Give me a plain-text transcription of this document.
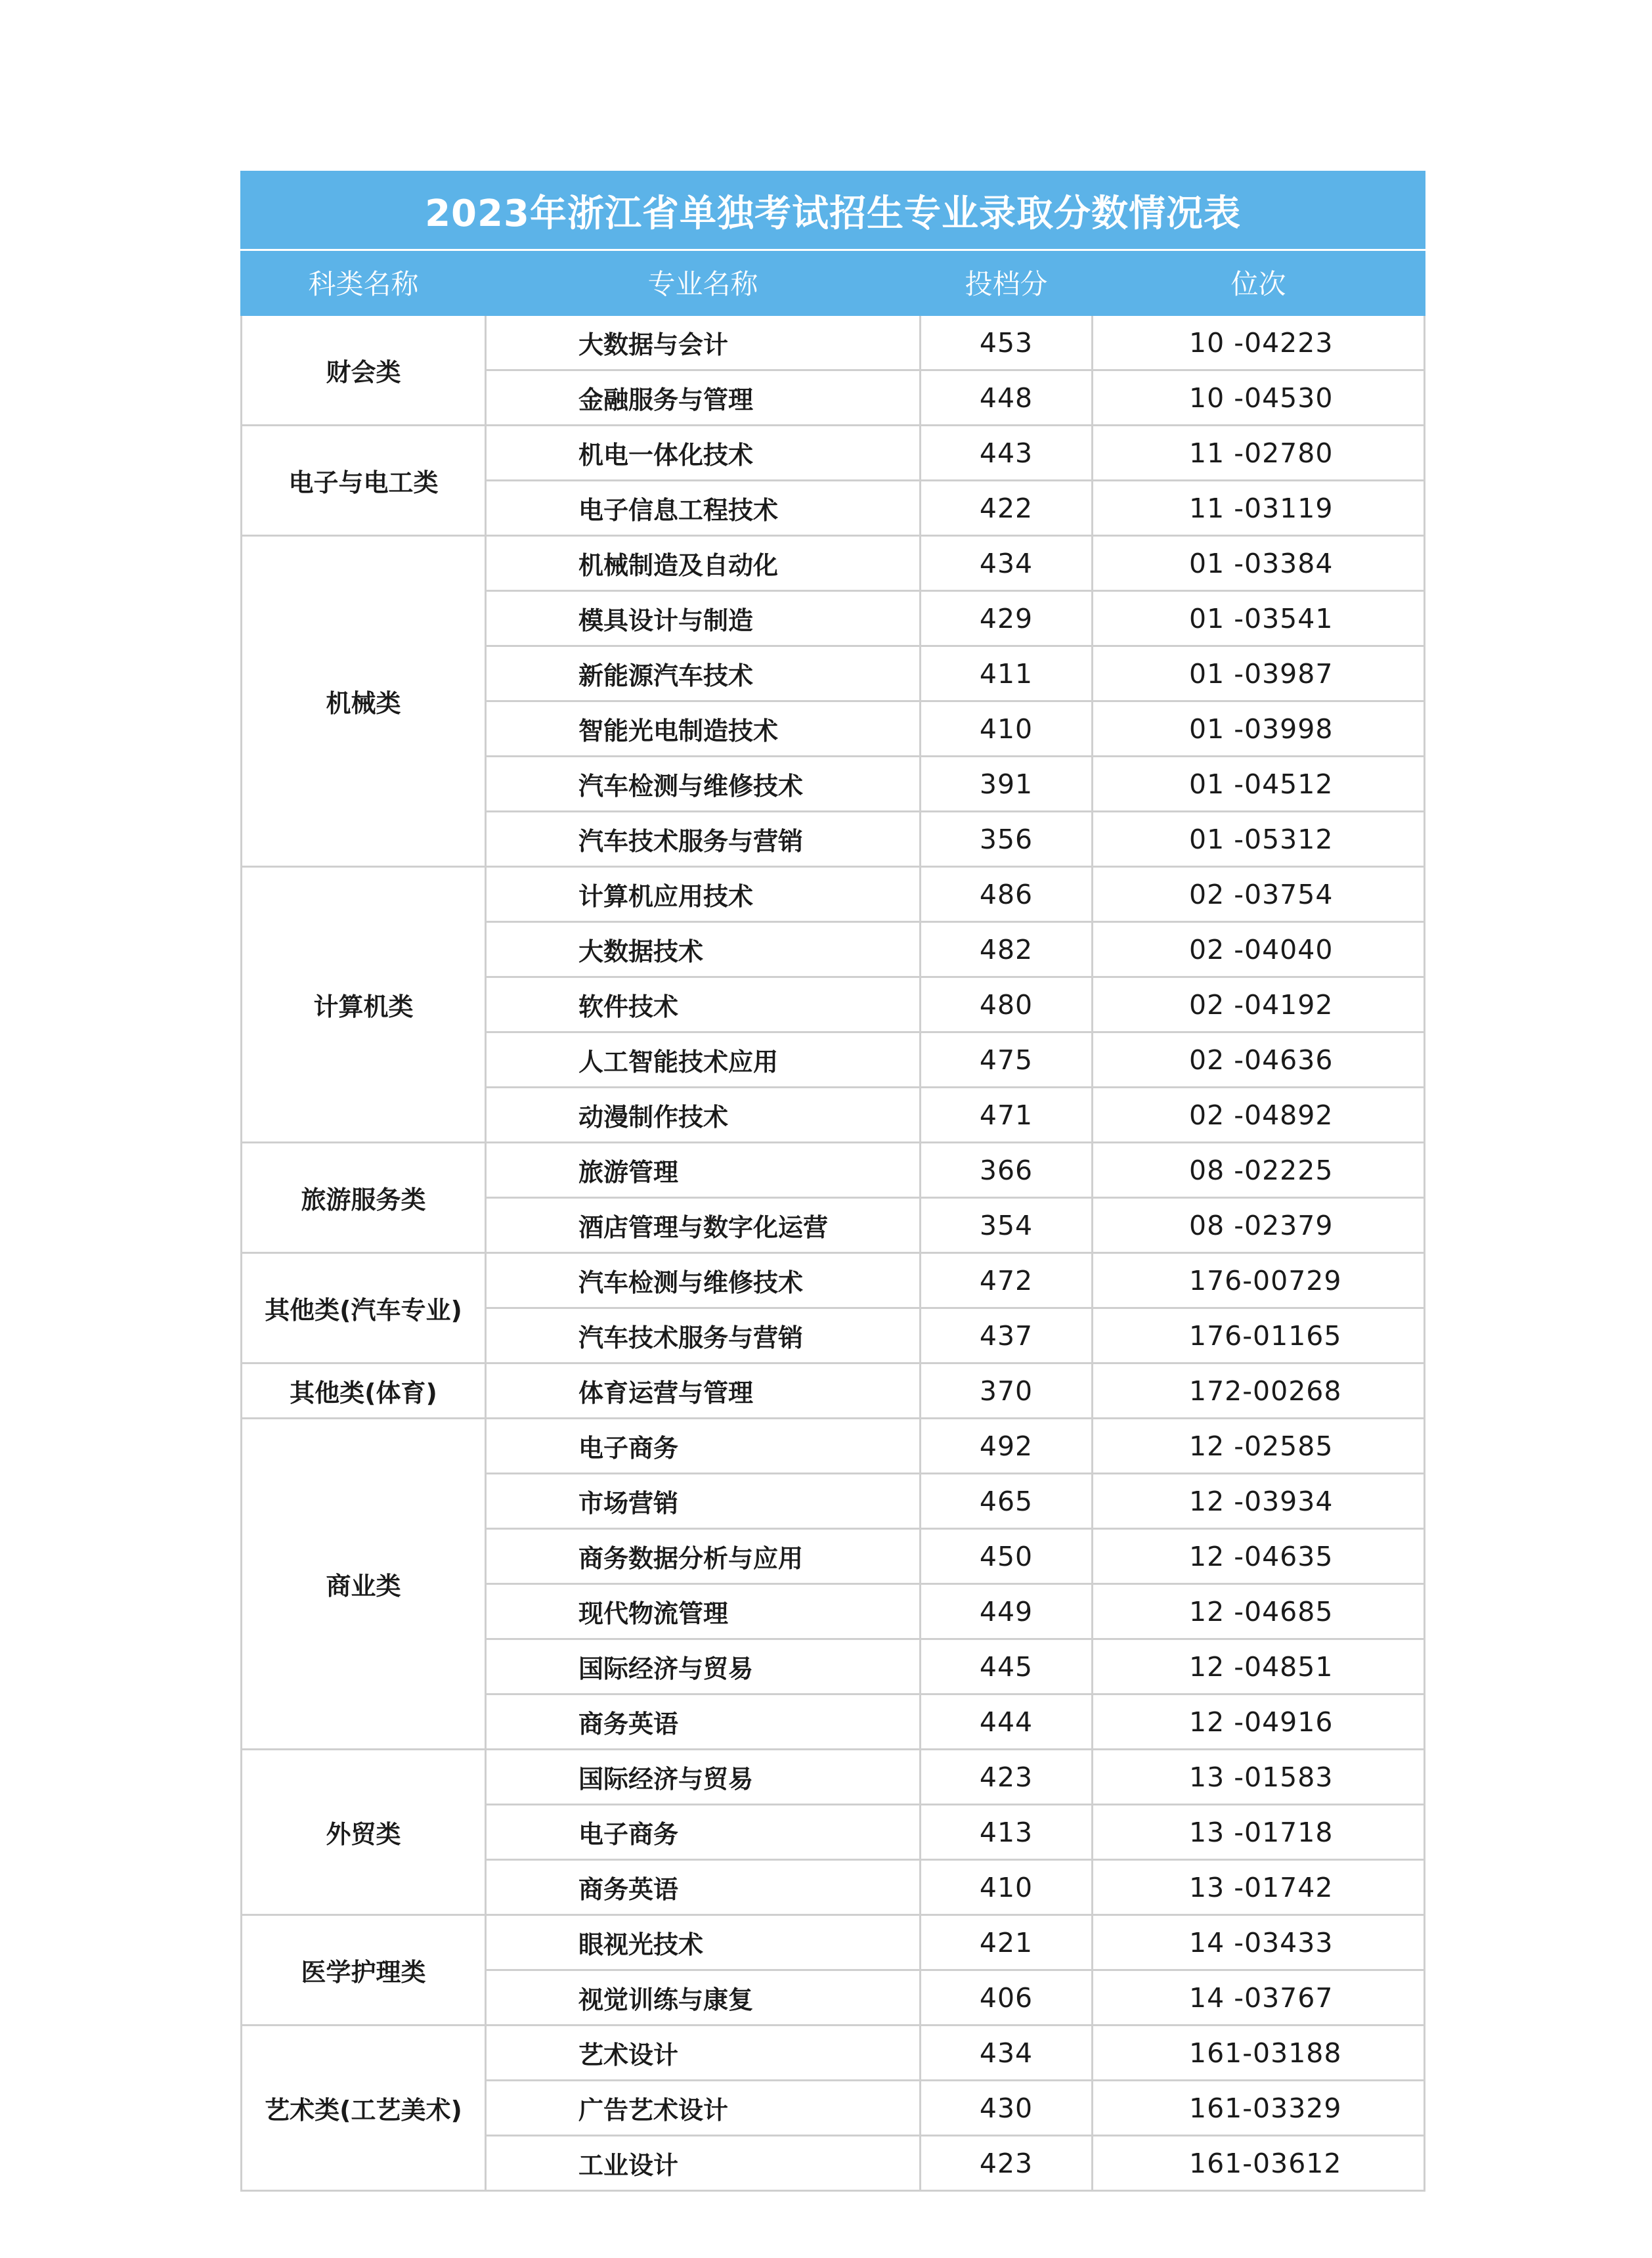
2023年浙江省单独考试招生专业录取分数情况表			
科类名称	专业名称	投档分	位次
财会类	大数据与会计	453	10 -04223
	金融服务与管理	448	10 -04530
电子与电工类	机电一体化技术	443	11 -02780
	电子信息工程技术	422	11 -03119
机械类	机械制造及自动化	434	01 -03384
	模具设计与制造	429	01 -03541
	新能源汽车技术	411	01 -03987
	智能光电制造技术	410	01 -03998
	汽车检测与维修技术	391	01 -04512
	汽车技术服务与营销	356	01 -05312
计算机类	计算机应用技术	486	02 -03754
	大数据技术	482	02 -04040
	软件技术	480	02 -04192
	人工智能技术应用	475	02 -04636
	动漫制作技术	471	02 -04892
旅游服务类	旅游管理	366	08 -02225
	酒店管理与数字化运营	354	08 -02379
其他类(汽车专业)	汽车检测与维修技术	472	176-00729
	汽车技术服务与营销	437	176-01165
其他类(体育)	体育运营与管理	370	172-00268
商业类	电子商务	492	12 -02585
	市场营销	465	12 -03934
	商务数据分析与应用	450	12 -04635
	现代物流管理	449	12 -04685
	国际经济与贸易	445	12 -04851
	商务英语	444	12 -04916
外贸类	国际经济与贸易	423	13 -01583
	电子商务	413	13 -01718
	商务英语	410	13 -01742
医学护理类	眼视光技术	421	14 -03433
	视觉训练与康复	406	14 -03767
艺术类(工艺美术)	艺术设计	434	161-03188
	广告艺术设计	430	161-03329
	工业设计	423	161-03612
